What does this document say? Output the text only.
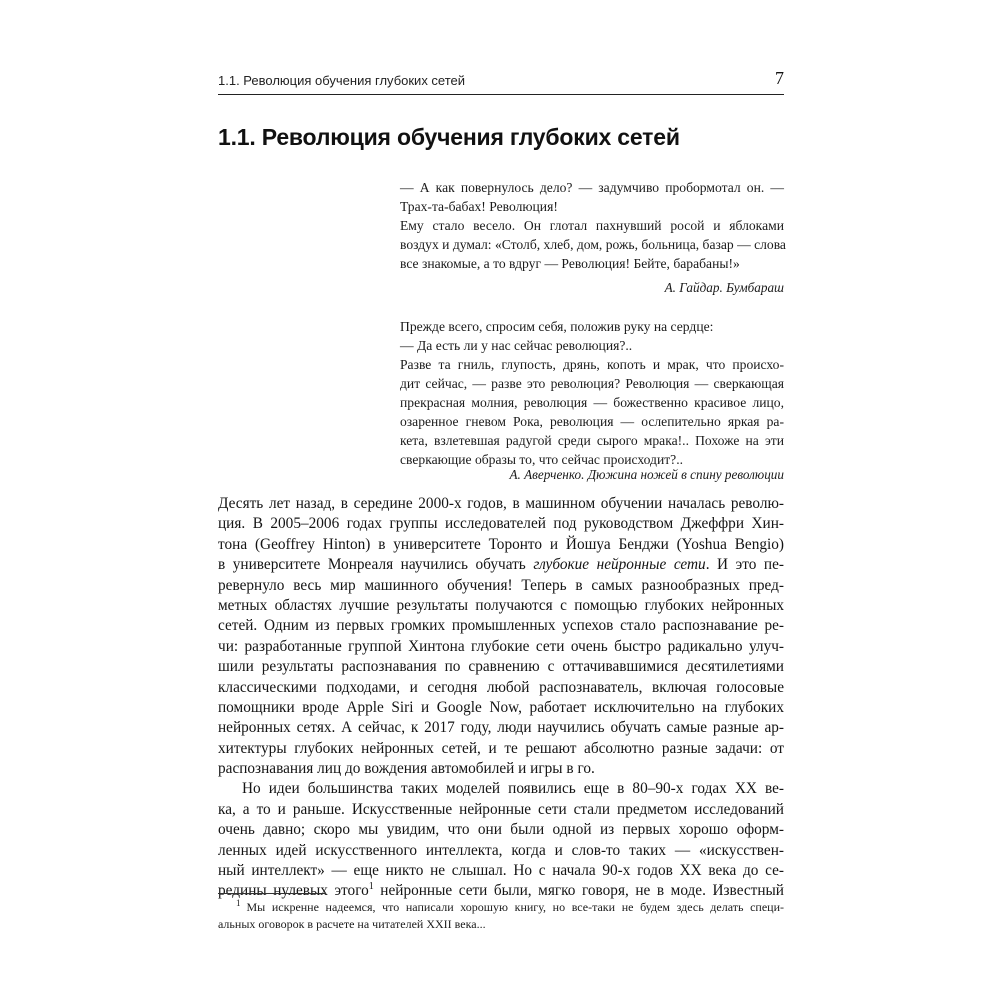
1.1. Революция обучения глубоких сетей	7
1.1. Революция обучения глубоких сетей
— А как повернулось дело? — задумчиво пробормотал он. —
Трах-та-бабах! Революция!
Ему стало весело. Он глотал пахнувший росой и яблоками
воздух и думал: «Столб, хлеб, дом, рожь, больница, базар — слова
все знакомые, а то вдруг — Революция! Бейте, барабаны!»
А. Гайдар. Бумбараш
Прежде всего, спросим себя, положив руку на сердце:
— Да есть ли у нас сейчас революция?..
Разве та гниль, глупость, дрянь, копоть и мрак, что происхо-
дит сейчас, — разве это революция? Революция — сверкающая
прекрасная молния, революция — божественно красивое лицо,
озаренное гневом Рока, революция — ослепительно яркая ра-
кета, взлетевшая радугой среди сырого мрака!.. Похоже на эти
сверкающие образы то, что сейчас происходит?..
А. Аверченко. Дюжина ножей в спину революции
Десять лет назад, в середине 2000-х годов, в машинном обучении началась револю-
ция. В 2005–2006 годах группы исследователей под руководством Джеффри Хин-
тона (Geoffrey Hinton) в университете Торонто и Йошуа Бенджи (Yoshua Bengio)
в университете Монреаля научились обучать глубокие нейронные сети. И это пе-
ревернуло весь мир машинного обучения! Теперь в самых разнообразных пред-
метных областях лучшие результаты получаются с помощью глубоких нейронных
сетей. Одним из первых громких промышленных успехов стало распознавание ре-
чи: разработанные группой Хинтона глубокие сети очень быстро радикально улуч-
шили результаты распознавания по сравнению с оттачивавшимися десятилетиями
классическими подходами, и сегодня любой распознаватель, включая голосовые
помощники вроде Apple Siri и Google Now, работает исключительно на глубоких
нейронных сетях. А сейчас, к 2017 году, люди научились обучать самые разные ар-
хитектуры глубоких нейронных сетей, и те решают абсолютно разные задачи: от
распознавания лиц до вождения автомобилей и игры в го.
Но идеи большинства таких моделей появились еще в 80–90-х годах XX ве-
ка, а то и раньше. Искусственные нейронные сети стали предметом исследований
очень давно; скоро мы увидим, что они были одной из первых хорошо оформ-
ленных идей искусственного интеллекта, когда и слов-то таких — «искусствен-
ный интеллект» — еще никто не слышал. Но с начала 90-х годов XX века до се-
редины нулевых этого$^1$ нейронные сети были, мягко говоря, не в моде. Известный
$^1$ Мы искренне надеемся, что написали хорошую книгу, но все-таки не будем здесь делать специ-
альных оговорок в расчете на читателей XXII века...
